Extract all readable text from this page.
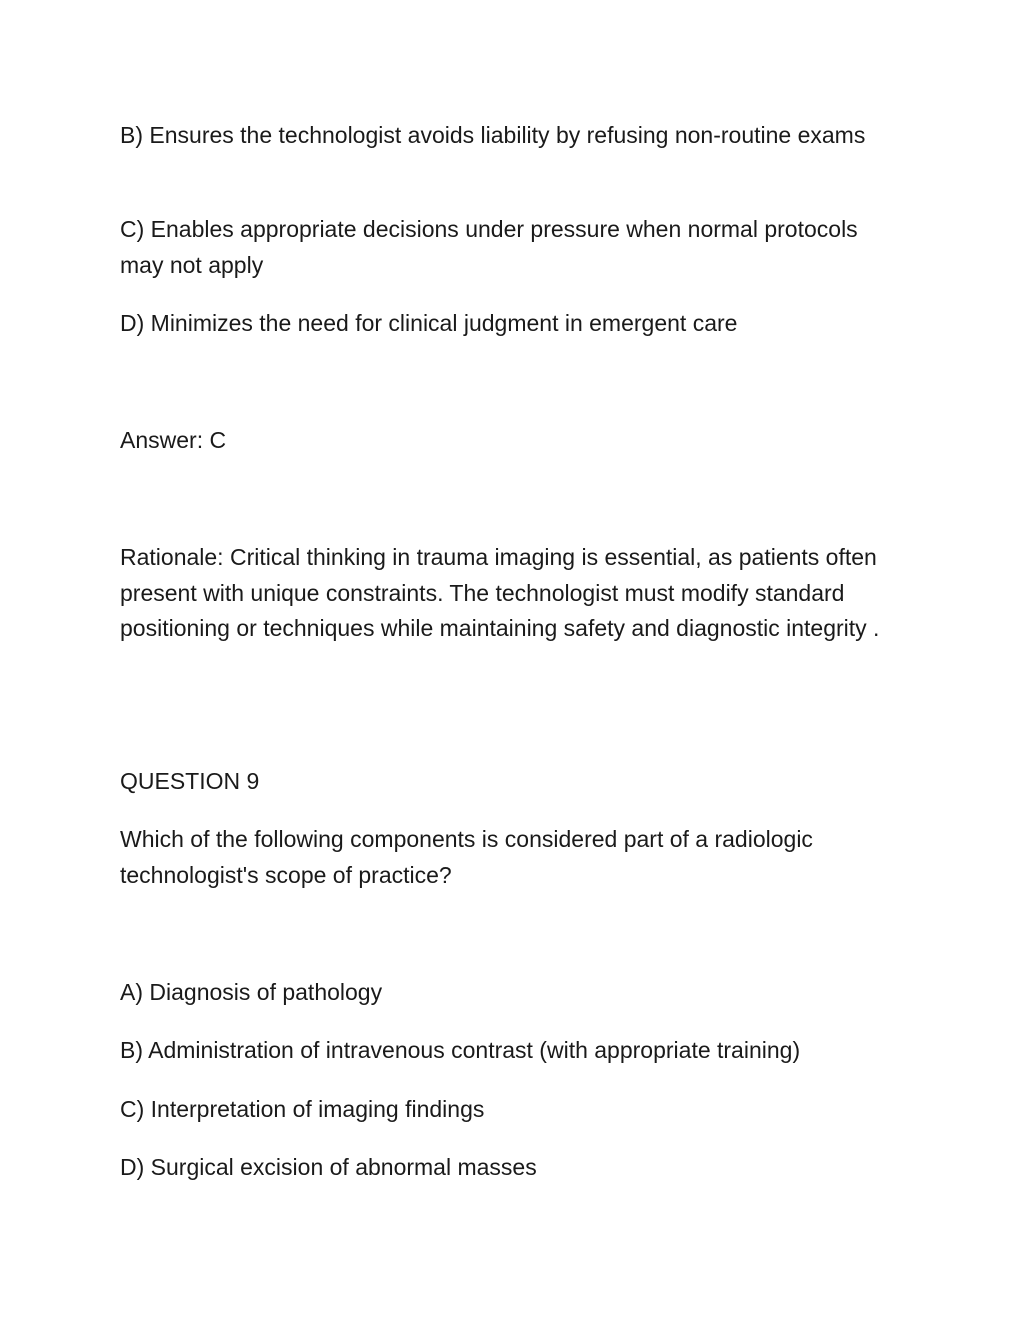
B) Ensures the technologist avoids liability by refusing non-routine exams

C) Enables appropriate decisions under pressure when normal protocols may not apply

D) Minimizes the need for clinical judgment in emergent care

Answer: C

Rationale: Critical thinking in trauma imaging is essential, as patients often present with unique constraints. The technologist must modify standard positioning or techniques while maintaining safety and diagnostic integrity .

QUESTION 9

Which of the following components is considered part of a radiologic technologist's scope of practice?

A) Diagnosis of pathology

B) Administration of intravenous contrast (with appropriate training)

C) Interpretation of imaging findings

D) Surgical excision of abnormal masses
